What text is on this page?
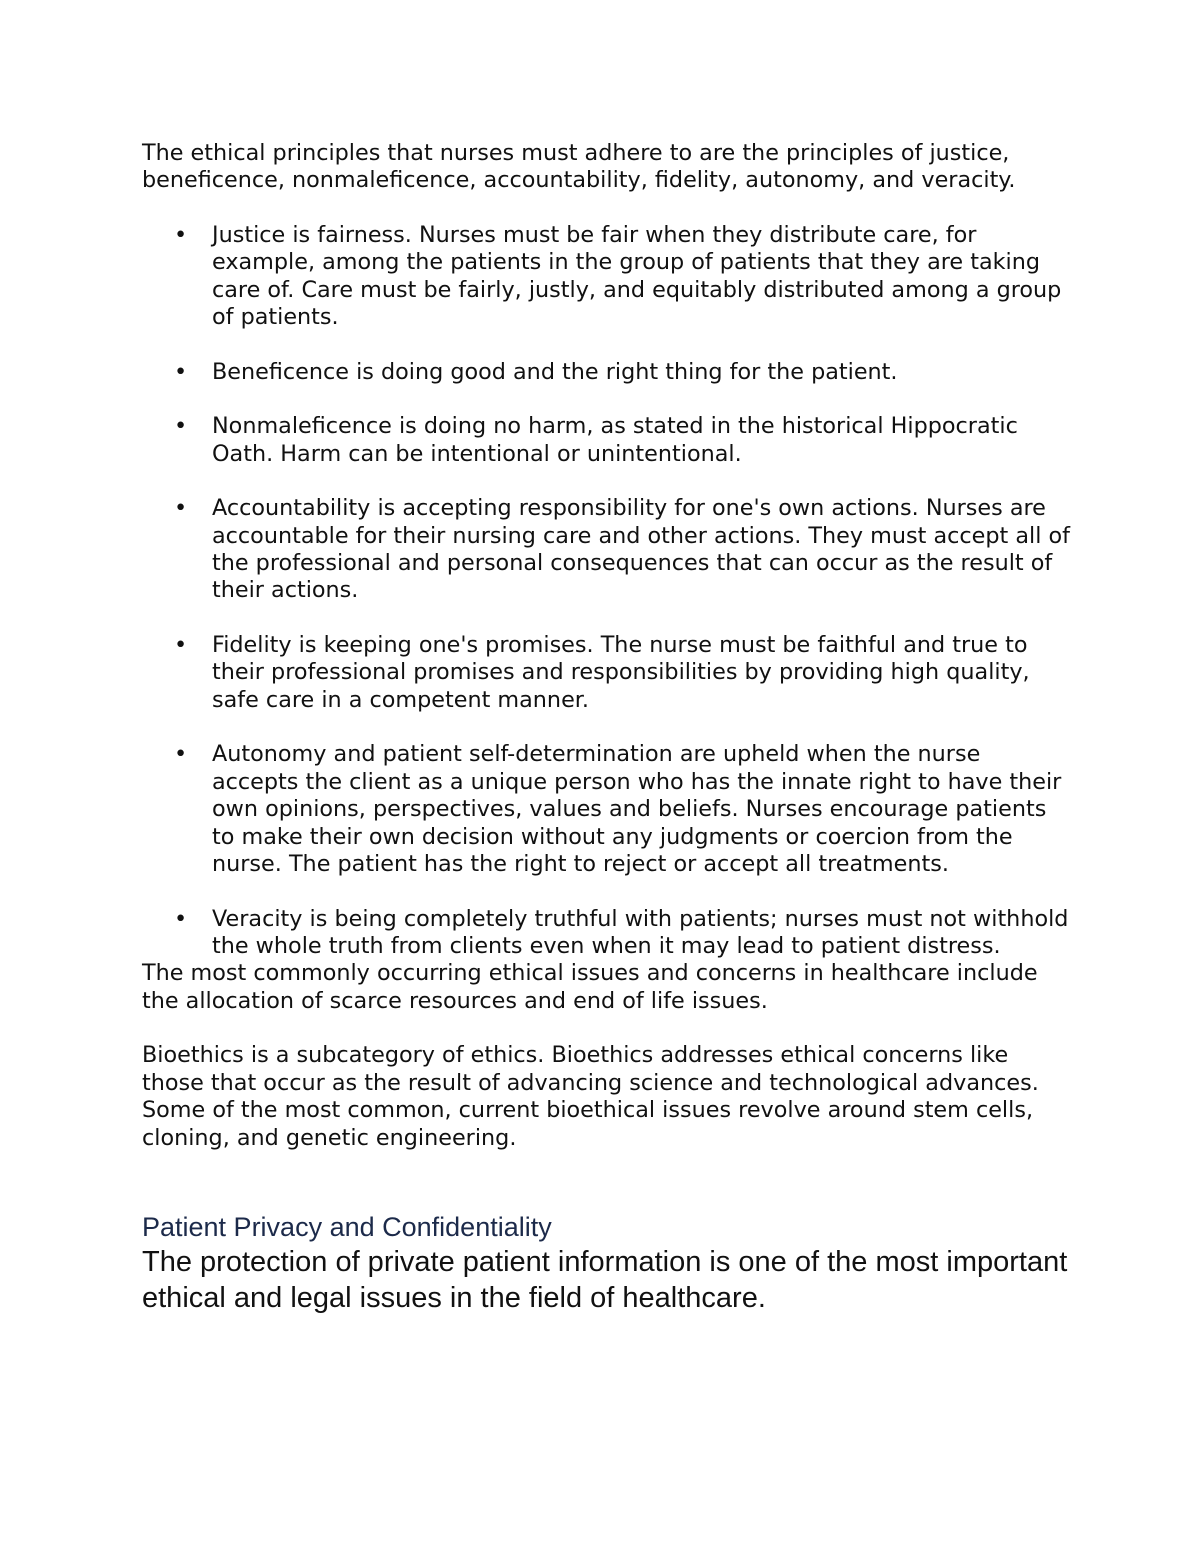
The ethical principles that nurses must adhere to are the principles of justice, beneficence, nonmaleficence, accountability, fidelity, autonomy, and veracity.

• Justice is fairness. Nurses must be fair when they distribute care, for example, among the patients in the group of patients that they are taking care of. Care must be fairly, justly, and equitably distributed among a group of patients.
• Beneficence is doing good and the right thing for the patient.
• Nonmaleficence is doing no harm, as stated in the historical Hippocratic Oath. Harm can be intentional or unintentional.
• Accountability is accepting responsibility for one's own actions. Nurses are accountable for their nursing care and other actions. They must accept all of the professional and personal consequences that can occur as the result of their actions.
• Fidelity is keeping one's promises. The nurse must be faithful and true to their professional promises and responsibilities by providing high quality, safe care in a competent manner.
• Autonomy and patient self-determination are upheld when the nurse accepts the client as a unique person who has the innate right to have their own opinions, perspectives, values and beliefs. Nurses encourage patients to make their own decision without any judgments or coercion from the nurse. The patient has the right to reject or accept all treatments.
• Veracity is being completely truthful with patients; nurses must not withhold the whole truth from clients even when it may lead to patient distress.

The most commonly occurring ethical issues and concerns in healthcare include the allocation of scarce resources and end of life issues.

Bioethics is a subcategory of ethics. Bioethics addresses ethical concerns like those that occur as the result of advancing science and technological advances. Some of the most common, current bioethical issues revolve around stem cells, cloning, and genetic engineering.

Patient Privacy and Confidentiality

The protection of private patient information is one of the most important ethical and legal issues in the field of healthcare.
